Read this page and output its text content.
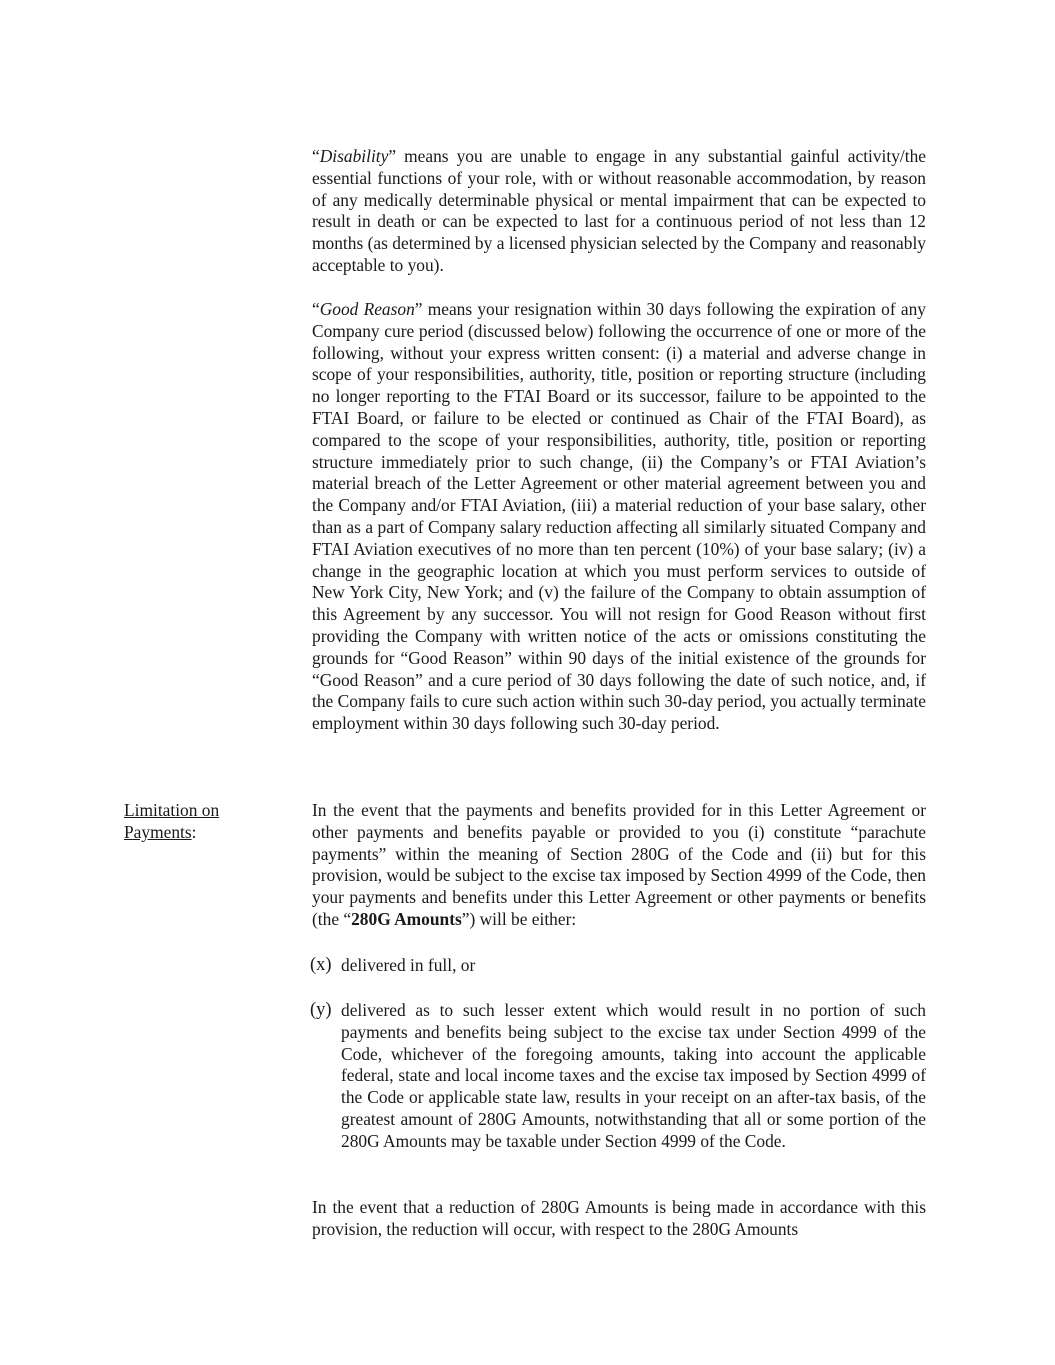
“Disability” means you are unable to engage in any substantial gainful activity/the essential functions of your role, with or without reasonable accommodation, by reason of any medically determinable physical or mental impairment that can be expected to result in death or can be expected to last for a continuous period of not less than 12 months (as determined by a licensed physician selected by the Company and reasonably acceptable to you).

“Good Reason” means your resignation within 30 days following the expiration of any Company cure period (discussed below) following the occurrence of one or more of the following, without your express written consent: (i) a material and adverse change in scope of your responsibilities, authority, title, position or reporting structure (including no longer reporting to the FTAI Board or its successor, failure to be appointed to the FTAI Board, or failure to be elected or continued as Chair of the FTAI Board), as compared to the scope of your responsibilities, authority, title, position or reporting structure immediately prior to such change, (ii) the Company’s or FTAI Aviation’s material breach of the Letter Agreement or other material agreement between you and the Company and/or FTAI Aviation, (iii) a material reduction of your base salary, other than as a part of Company salary reduction affecting all similarly situated Company and FTAI Aviation executives of no more than ten percent (10%) of your base salary; (iv) a change in the geographic location at which you must perform services to outside of New York City, New York; and (v) the failure of the Company to obtain assumption of this Agreement by any successor. You will not resign for Good Reason without first providing the Company with written notice of the acts or omissions constituting the grounds for “Good Reason” within 90 days of the initial existence of the grounds for “Good Reason” and a cure period of 30 days following the date of such notice, and, if the Company fails to cure such action within such 30-day period, you actually terminate employment within 30 days following such 30-day period.

Limitation on
Payments:

In the event that the payments and benefits provided for in this Letter Agreement or other payments and benefits payable or provided to you (i) constitute “parachute payments” within the meaning of Section 280G of the Code and (ii) but for this provision, would be subject to the excise tax imposed by Section 4999 of the Code, then your payments and benefits under this Letter Agreement or other payments or benefits (the “280G Amounts”) will be either:

(x) delivered in full, or
(y) delivered as to such lesser extent which would result in no portion of such payments and benefits being subject to the excise tax under Section 4999 of the Code, whichever of the foregoing amounts, taking into account the applicable federal, state and local income taxes and the excise tax imposed by Section 4999 of the Code or applicable state law, results in your receipt on an after-tax basis, of the greatest amount of 280G Amounts, notwithstanding that all or some portion of the 280G Amounts may be taxable under Section 4999 of the Code.

In the event that a reduction of 280G Amounts is being made in accordance with this provision, the reduction will occur, with respect to the 280G Amounts
